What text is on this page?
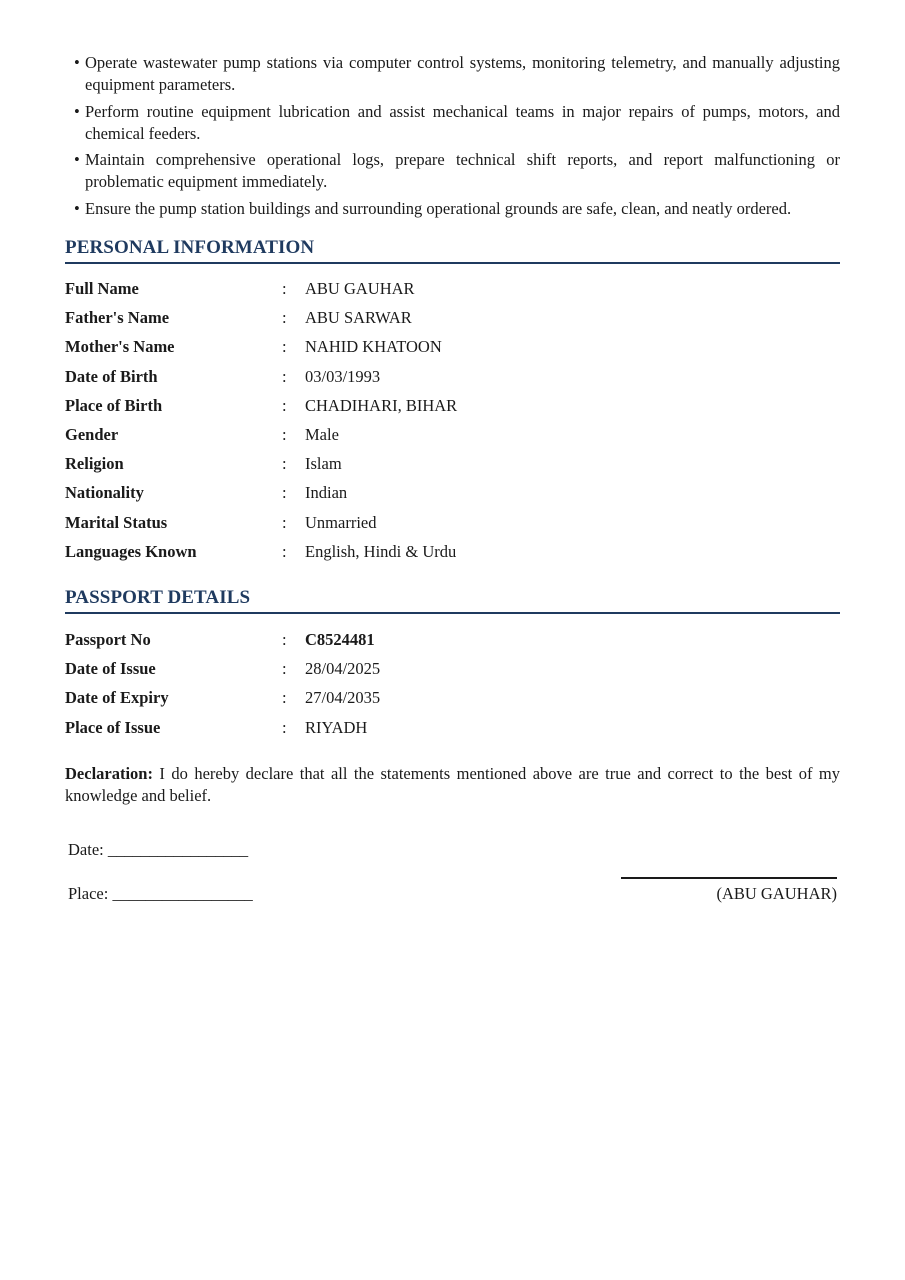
• Operate wastewater pump stations via computer control systems, monitoring telemetry, and manually adjusting equipment parameters.
• Perform routine equipment lubrication and assist mechanical teams in major repairs of pumps, motors, and chemical feeders.
• Maintain comprehensive operational logs, prepare technical shift reports, and report malfunctioning or problematic equipment immediately.
• Ensure the pump station buildings and surrounding operational grounds are safe, clean, and neatly ordered.
PERSONAL INFORMATION
Full Name	:	ABU GAUHAR
Father's Name	:	ABU SARWAR
Mother's Name	:	NAHID KHATOON
Date of Birth	:	03/03/1993
Place of Birth	:	CHADIHARI, BIHAR
Gender	:	Male
Religion	:	Islam
Nationality	:	Indian
Marital Status	:	Unmarried
Languages Known	:	English, Hindi & Urdu
PASSPORT DETAILS
Passport No	:	C8524481
Date of Issue	:	28/04/2025
Date of Expiry	:	27/04/2035
Place of Issue	:	RIYADH

Declaration: I do hereby declare that all the statements mentioned above are true and correct to the best of my knowledge and belief.

Date: _________________
Place: _________________	(ABU GAUHAR)
